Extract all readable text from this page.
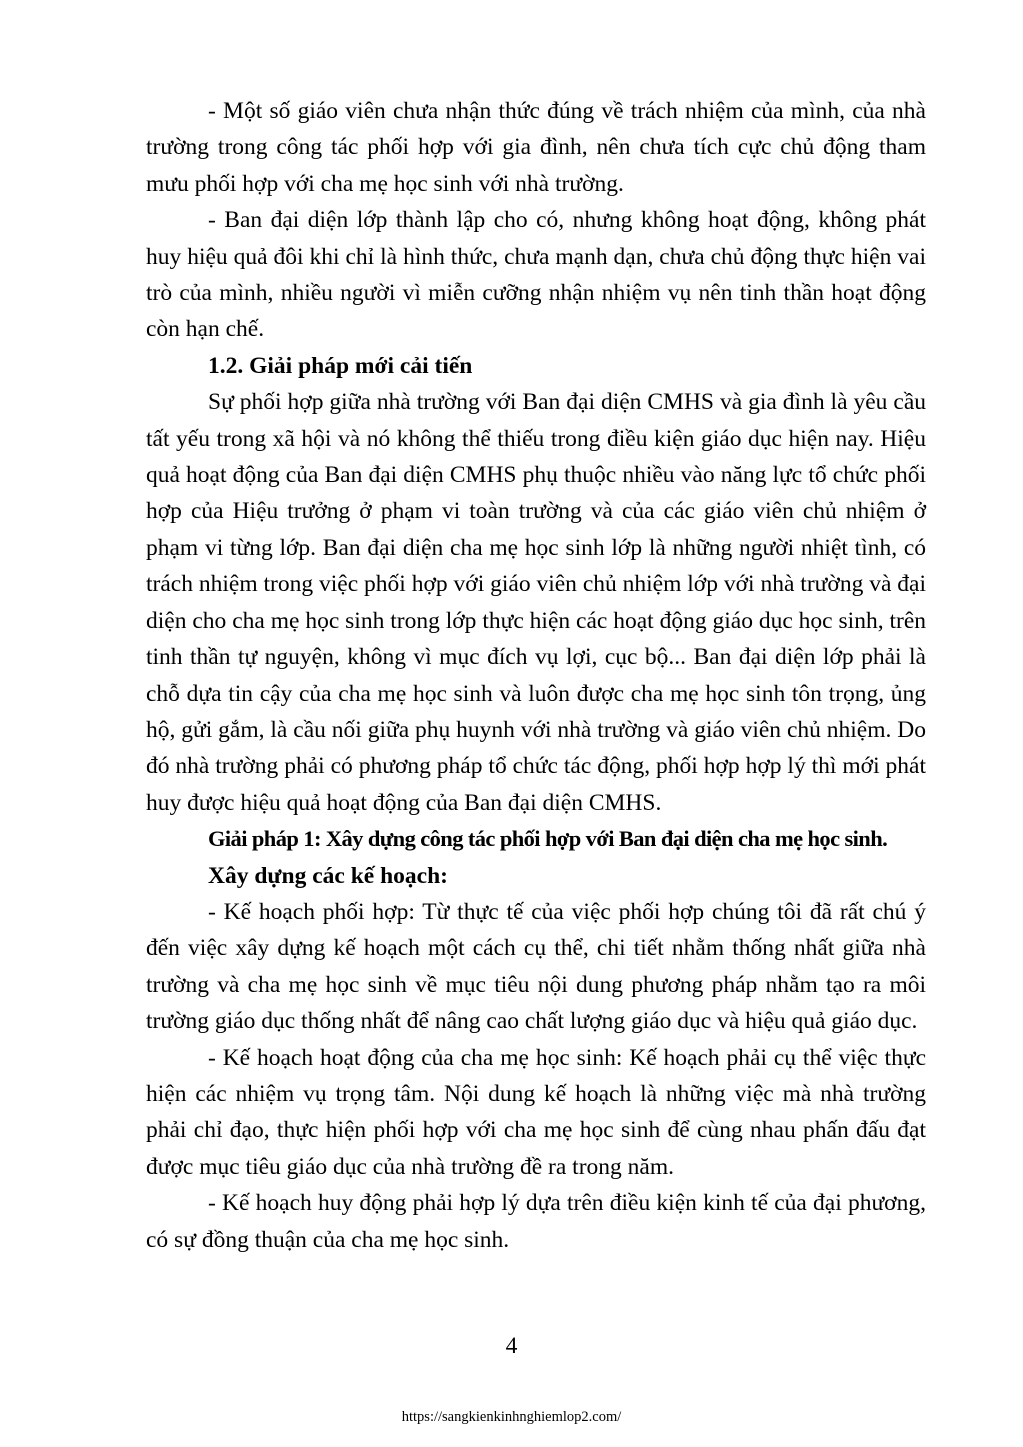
- Một số giáo viên chưa nhận thức đúng về trách nhiệm của mình, của nhà trường trong công tác phối hợp với gia đình, nên chưa tích cực chủ động tham mưu phối hợp với cha mẹ học sinh với nhà trường.

- Ban đại diện lớp thành lập cho có, nhưng không hoạt động, không phát huy hiệu quả đôi khi chỉ là hình thức, chưa mạnh dạn, chưa chủ động thực hiện vai trò của mình, nhiều người vì miễn cưỡng nhận nhiệm vụ nên tinh thần hoạt động còn hạn chế.

1.2. Giải pháp mới cải tiến

Sự phối hợp giữa nhà trường với Ban đại diện CMHS và gia đình là yêu cầu tất yếu trong xã hội và nó không thể thiếu trong điều kiện giáo dục hiện nay. Hiệu quả hoạt động của Ban đại diện CMHS phụ thuộc nhiều vào năng lực tổ chức phối hợp của Hiệu trưởng ở phạm vi toàn trường và của các giáo viên chủ nhiệm ở phạm vi từng lớp. Ban đại diện cha mẹ học sinh lớp là những người nhiệt tình, có trách nhiệm trong việc phối hợp với giáo viên chủ nhiệm lớp với nhà trường và đại diện cho cha mẹ học sinh trong lớp thực hiện các hoạt động giáo dục học sinh, trên tinh thần tự nguyện, không vì mục đích vụ lợi, cục bộ... Ban đại diện lớp phải là chỗ dựa tin cậy của cha mẹ học sinh và luôn được cha mẹ học sinh tôn trọng, ủng hộ, gửi gắm, là cầu nối giữa phụ huynh với nhà trường và giáo viên chủ nhiệm. Do đó nhà trường phải có phương pháp tổ chức tác động, phối hợp hợp lý thì mới phát huy được hiệu quả hoạt động của Ban đại diện CMHS.

Giải pháp 1: Xây dựng công tác phối hợp với Ban đại diện cha mẹ học sinh.

Xây dựng các kế hoạch:

- Kế hoạch phối hợp: Từ thực tế của việc phối hợp chúng tôi đã rất chú ý đến việc xây dựng kế hoạch một cách cụ thể, chi tiết nhằm thống nhất giữa nhà trường và cha mẹ học sinh về mục tiêu nội dung phương pháp nhằm tạo ra môi trường giáo dục thống nhất để nâng cao chất lượng giáo dục và hiệu quả giáo dục.

- Kế hoạch hoạt động của cha mẹ học sinh: Kế hoạch phải cụ thể việc thực hiện các nhiệm vụ trọng tâm. Nội dung kế hoạch là những việc mà nhà trường phải chỉ đạo, thực hiện phối hợp với cha mẹ học sinh để cùng nhau phấn đấu đạt được mục tiêu giáo dục của nhà trường đề ra trong năm.

- Kế hoạch huy động phải hợp lý dựa trên điều kiện kinh tế của đại phương, có sự đồng thuận của cha mẹ học sinh.

4
https://sangkienkinhnghiemlop2.com/
